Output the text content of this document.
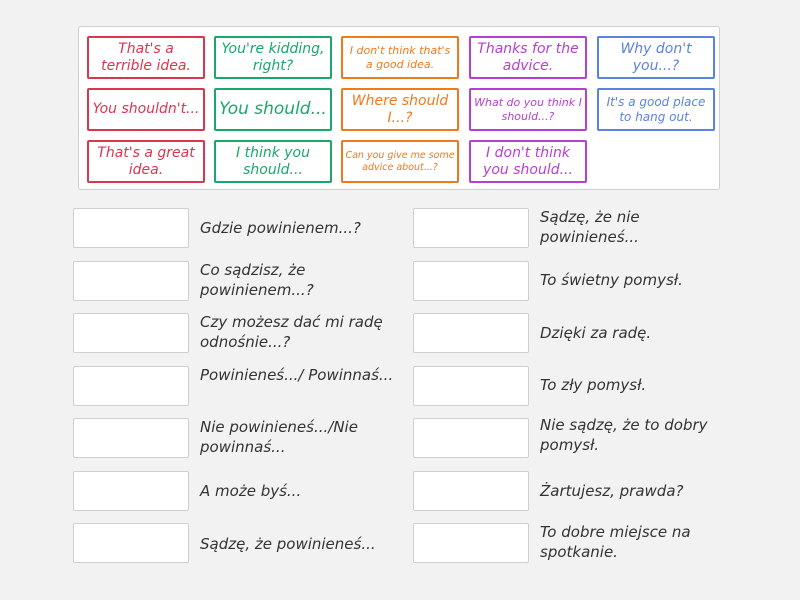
That's a terrible idea.
You're kidding, right?
I don't think that's a good idea.
Thanks for the advice.
Why don't you...?
You shouldn't...	You should...	Where should I...?
What do you think I should...?
It's a good place to hang out.
That's a great idea.
I think you should...
Can you give me some advice about...?
I don't think you should...
Gdzie powinienem...?
Co sądzisz, że powinienem...?
Czy możesz dać mi radę odnośnie...?
Powinieneś.../ Powinnaś...
Nie powinieneś.../Nie powinnaś...
A może byś...
Sądzę, że powinieneś...
Sądzę, że nie powinieneś...
To świetny pomysł.
Dzięki za radę.
To zły pomysł.
Nie sądzę, że to dobry pomysł.
Żartujesz, prawda?
To dobre miejsce na spotkanie.
